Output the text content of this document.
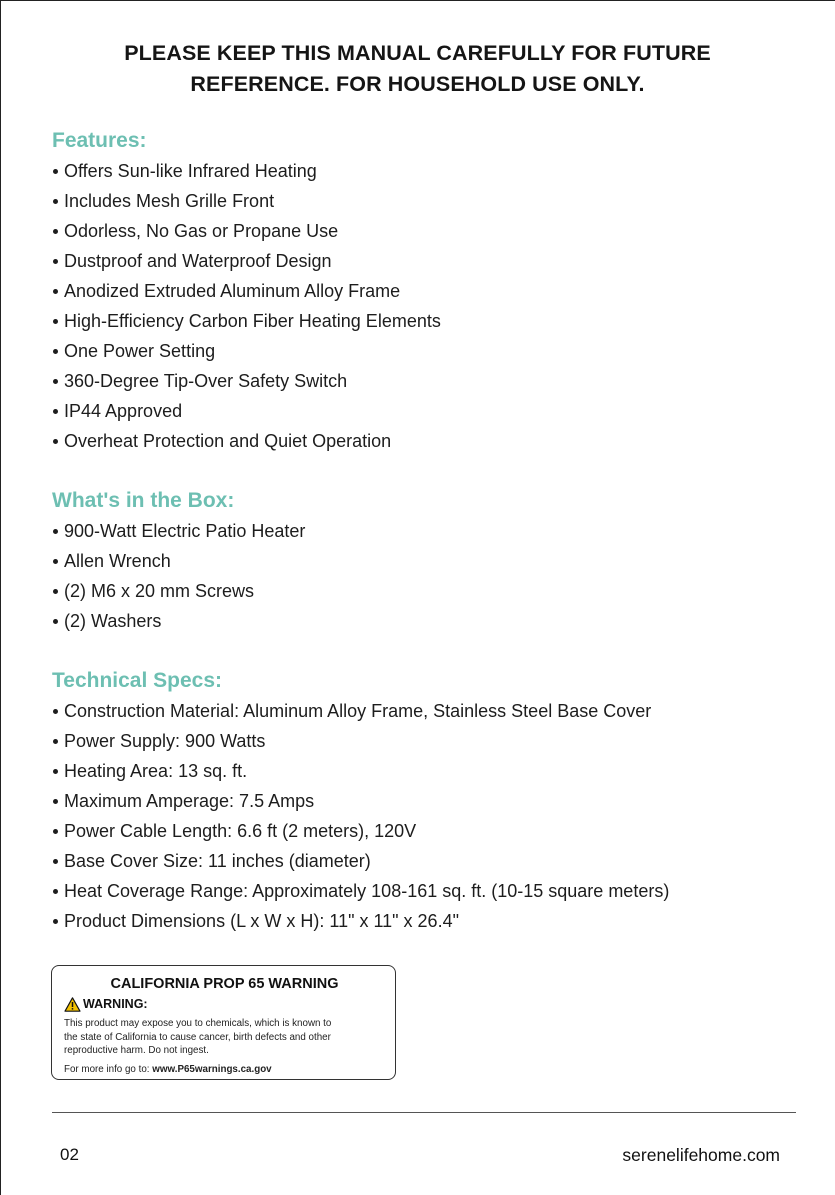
PLEASE KEEP THIS MANUAL CAREFULLY FOR FUTURE
REFERENCE. FOR HOUSEHOLD USE ONLY.
Features:
Offers Sun-like Infrared Heating
Includes Mesh Grille Front
Odorless, No Gas or Propane Use
Dustproof and Waterproof Design
Anodized Extruded Aluminum Alloy Frame
High-Efficiency Carbon Fiber Heating Elements
One Power Setting
360-Degree Tip-Over Safety Switch
IP44 Approved
Overheat Protection and Quiet Operation
What's in the Box:
900-Watt Electric Patio Heater
Allen Wrench
(2) M6 x 20 mm Screws
(2) Washers
Technical Specs:
Construction Material: Aluminum Alloy Frame, Stainless Steel Base Cover
Power Supply: 900 Watts
Heating Area: 13 sq. ft.
Maximum Amperage: 7.5 Amps
Power Cable Length: 6.6 ft (2 meters), 120V
Base Cover Size: 11 inches (diameter)
Heat Coverage Range: Approximately 108-161 sq. ft. (10-15 square meters)
Product Dimensions (L x W x H): 11" x 11" x 26.4"
CALIFORNIA PROP 65 WARNING
WARNING:
This product may expose you to chemicals, which is known to
the state of California to cause cancer, birth defects and other
reproductive harm. Do not ingest.
For more info go to: www.P65warnings.ca.gov
02	serenelifehome.com
